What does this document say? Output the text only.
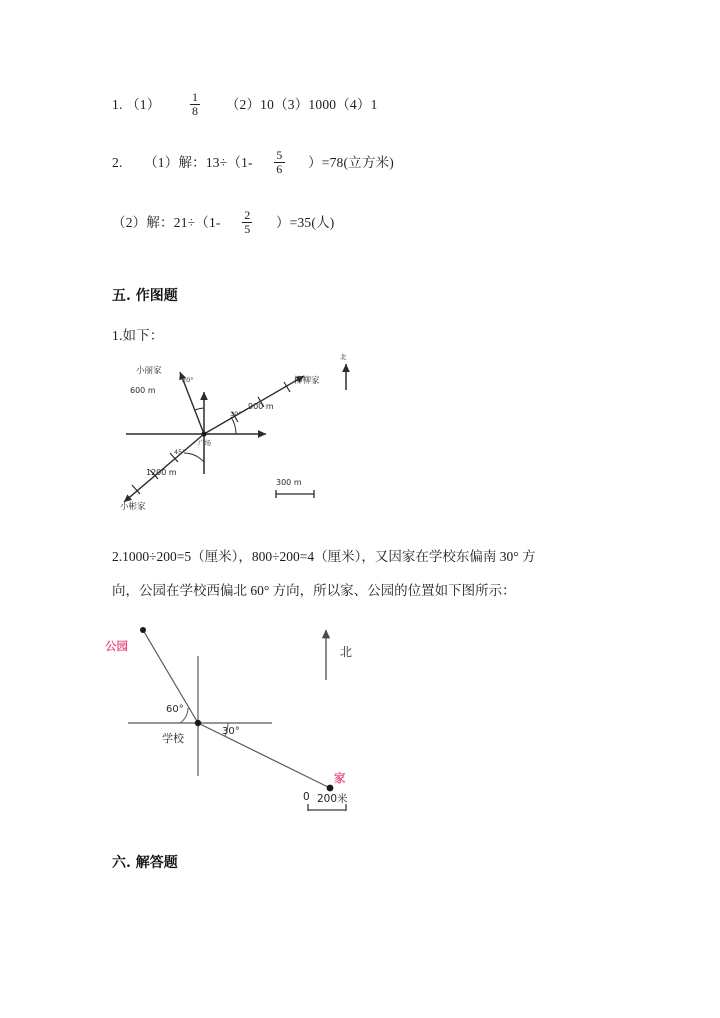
1. $(1) \frac{1}{8} (2)10(3)1000(4)1$
2. （1）解：$13\div(1- \frac{5}{6} )=78$(立方米)
（2）解：$21\div(1- \frac{2}{5} )=35$(人)
五. 作图题
1.如下：
小丽家
600 m
20°	柳柳家
900 m
30°
小彬家
1200 m
45°
广场
北
300 m
2.1000÷200=5（厘米），800÷200=4（厘米），又因家在学校东偏南 30° 方
向，公园在学校西偏北 60° 方向，所以家、公园的位置如下图所示：
公园
家
60°
30°
学校
北
0 200米
六. 解答题
